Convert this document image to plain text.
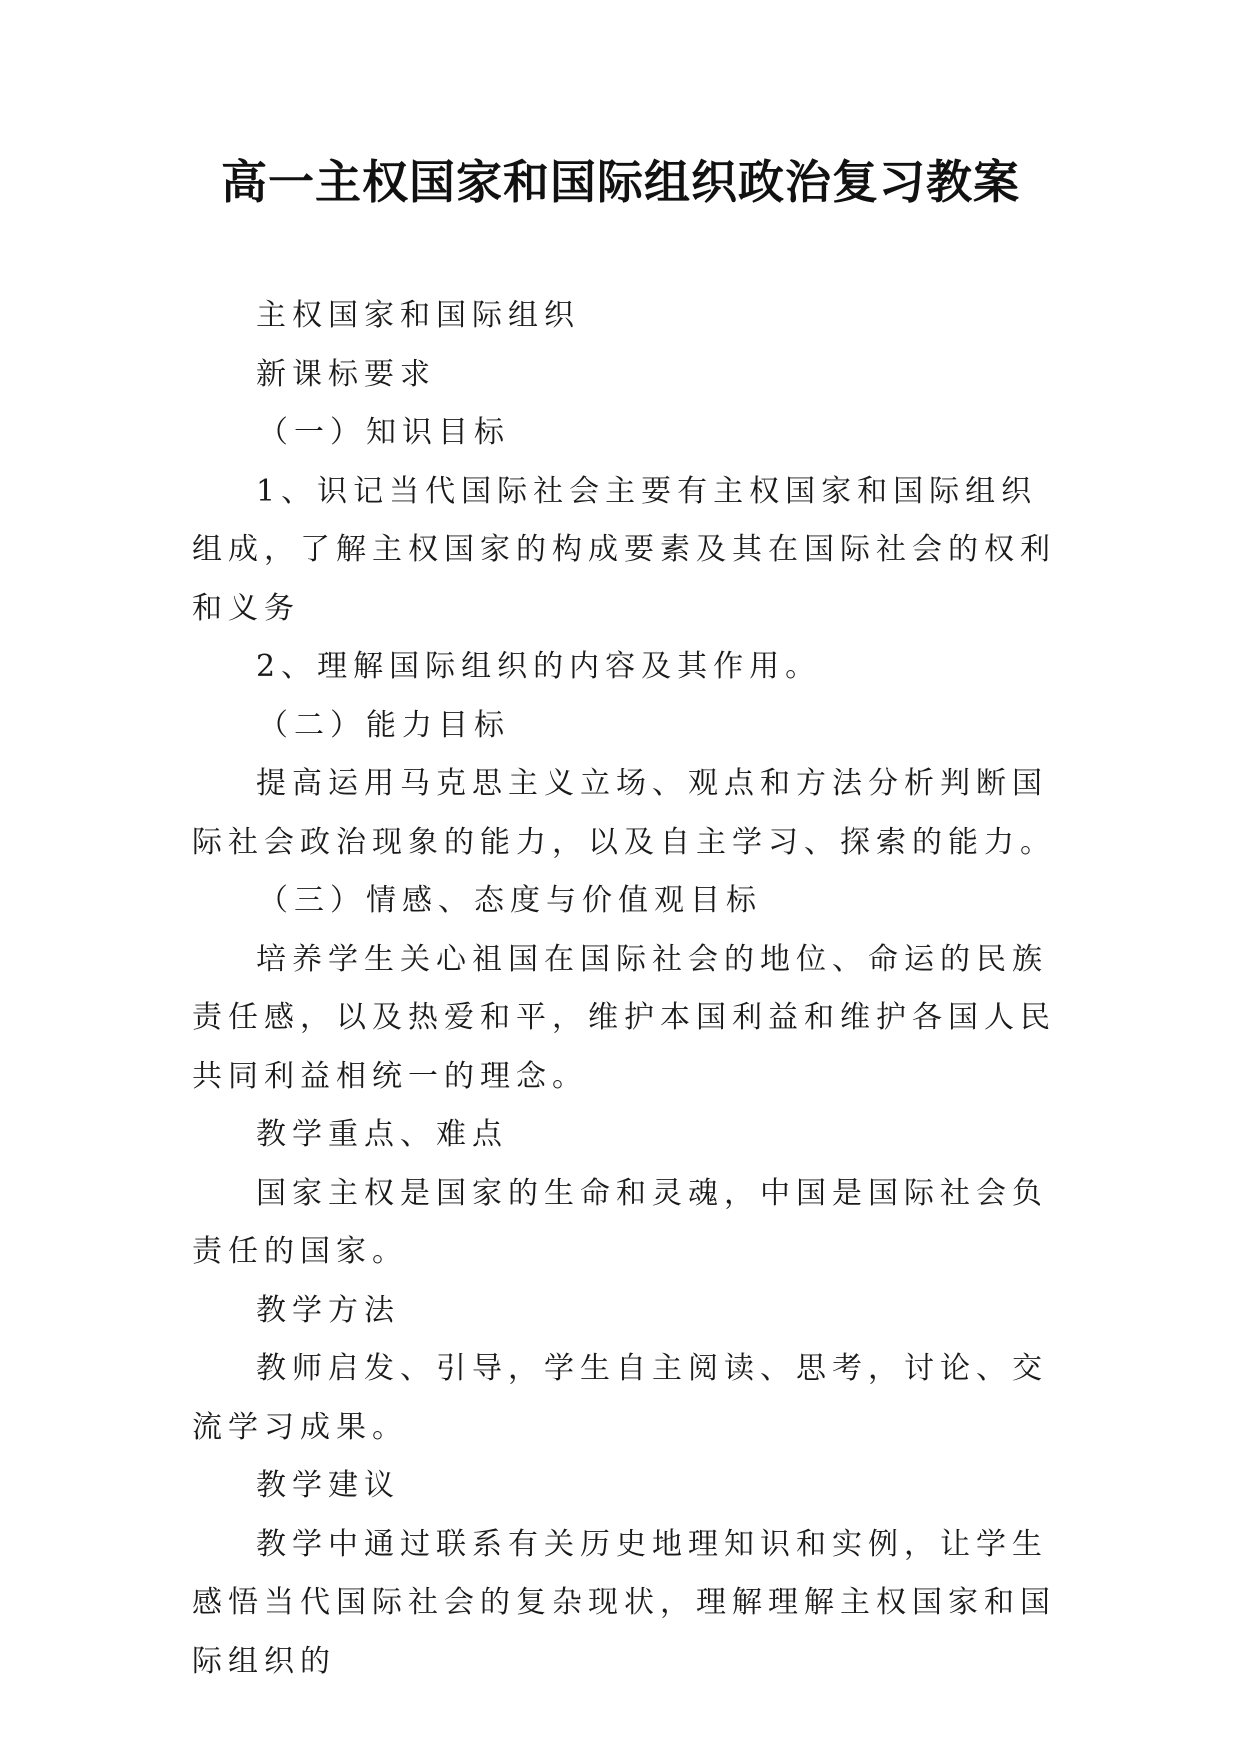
高一主权国家和国际组织政治复习教案

主权国家和国际组织

新课标要求

（一）知识目标

1、识记当代国际社会主要有主权国家和国际组织组成，了解主权国家的构成要素及其在国际社会的权利和义务

2、理解国际组织的内容及其作用。

（二）能力目标

提高运用马克思主义立场、观点和方法分析判断国际社会政治现象的能力，以及自主学习、探索的能力。

（三）情感、态度与价值观目标

培养学生关心祖国在国际社会的地位、命运的民族责任感，以及热爱和平，维护本国利益和维护各国人民共同利益相统一的理念。

教学重点、难点

国家主权是国家的生命和灵魂，中国是国际社会负责任的国家。

教学方法

教师启发、引导，学生自主阅读、思考，讨论、交流学习成果。

教学建议

教学中通过联系有关历史地理知识和实例，让学生感悟当代国际社会的复杂现状，理解理解主权国家和国际组织的
